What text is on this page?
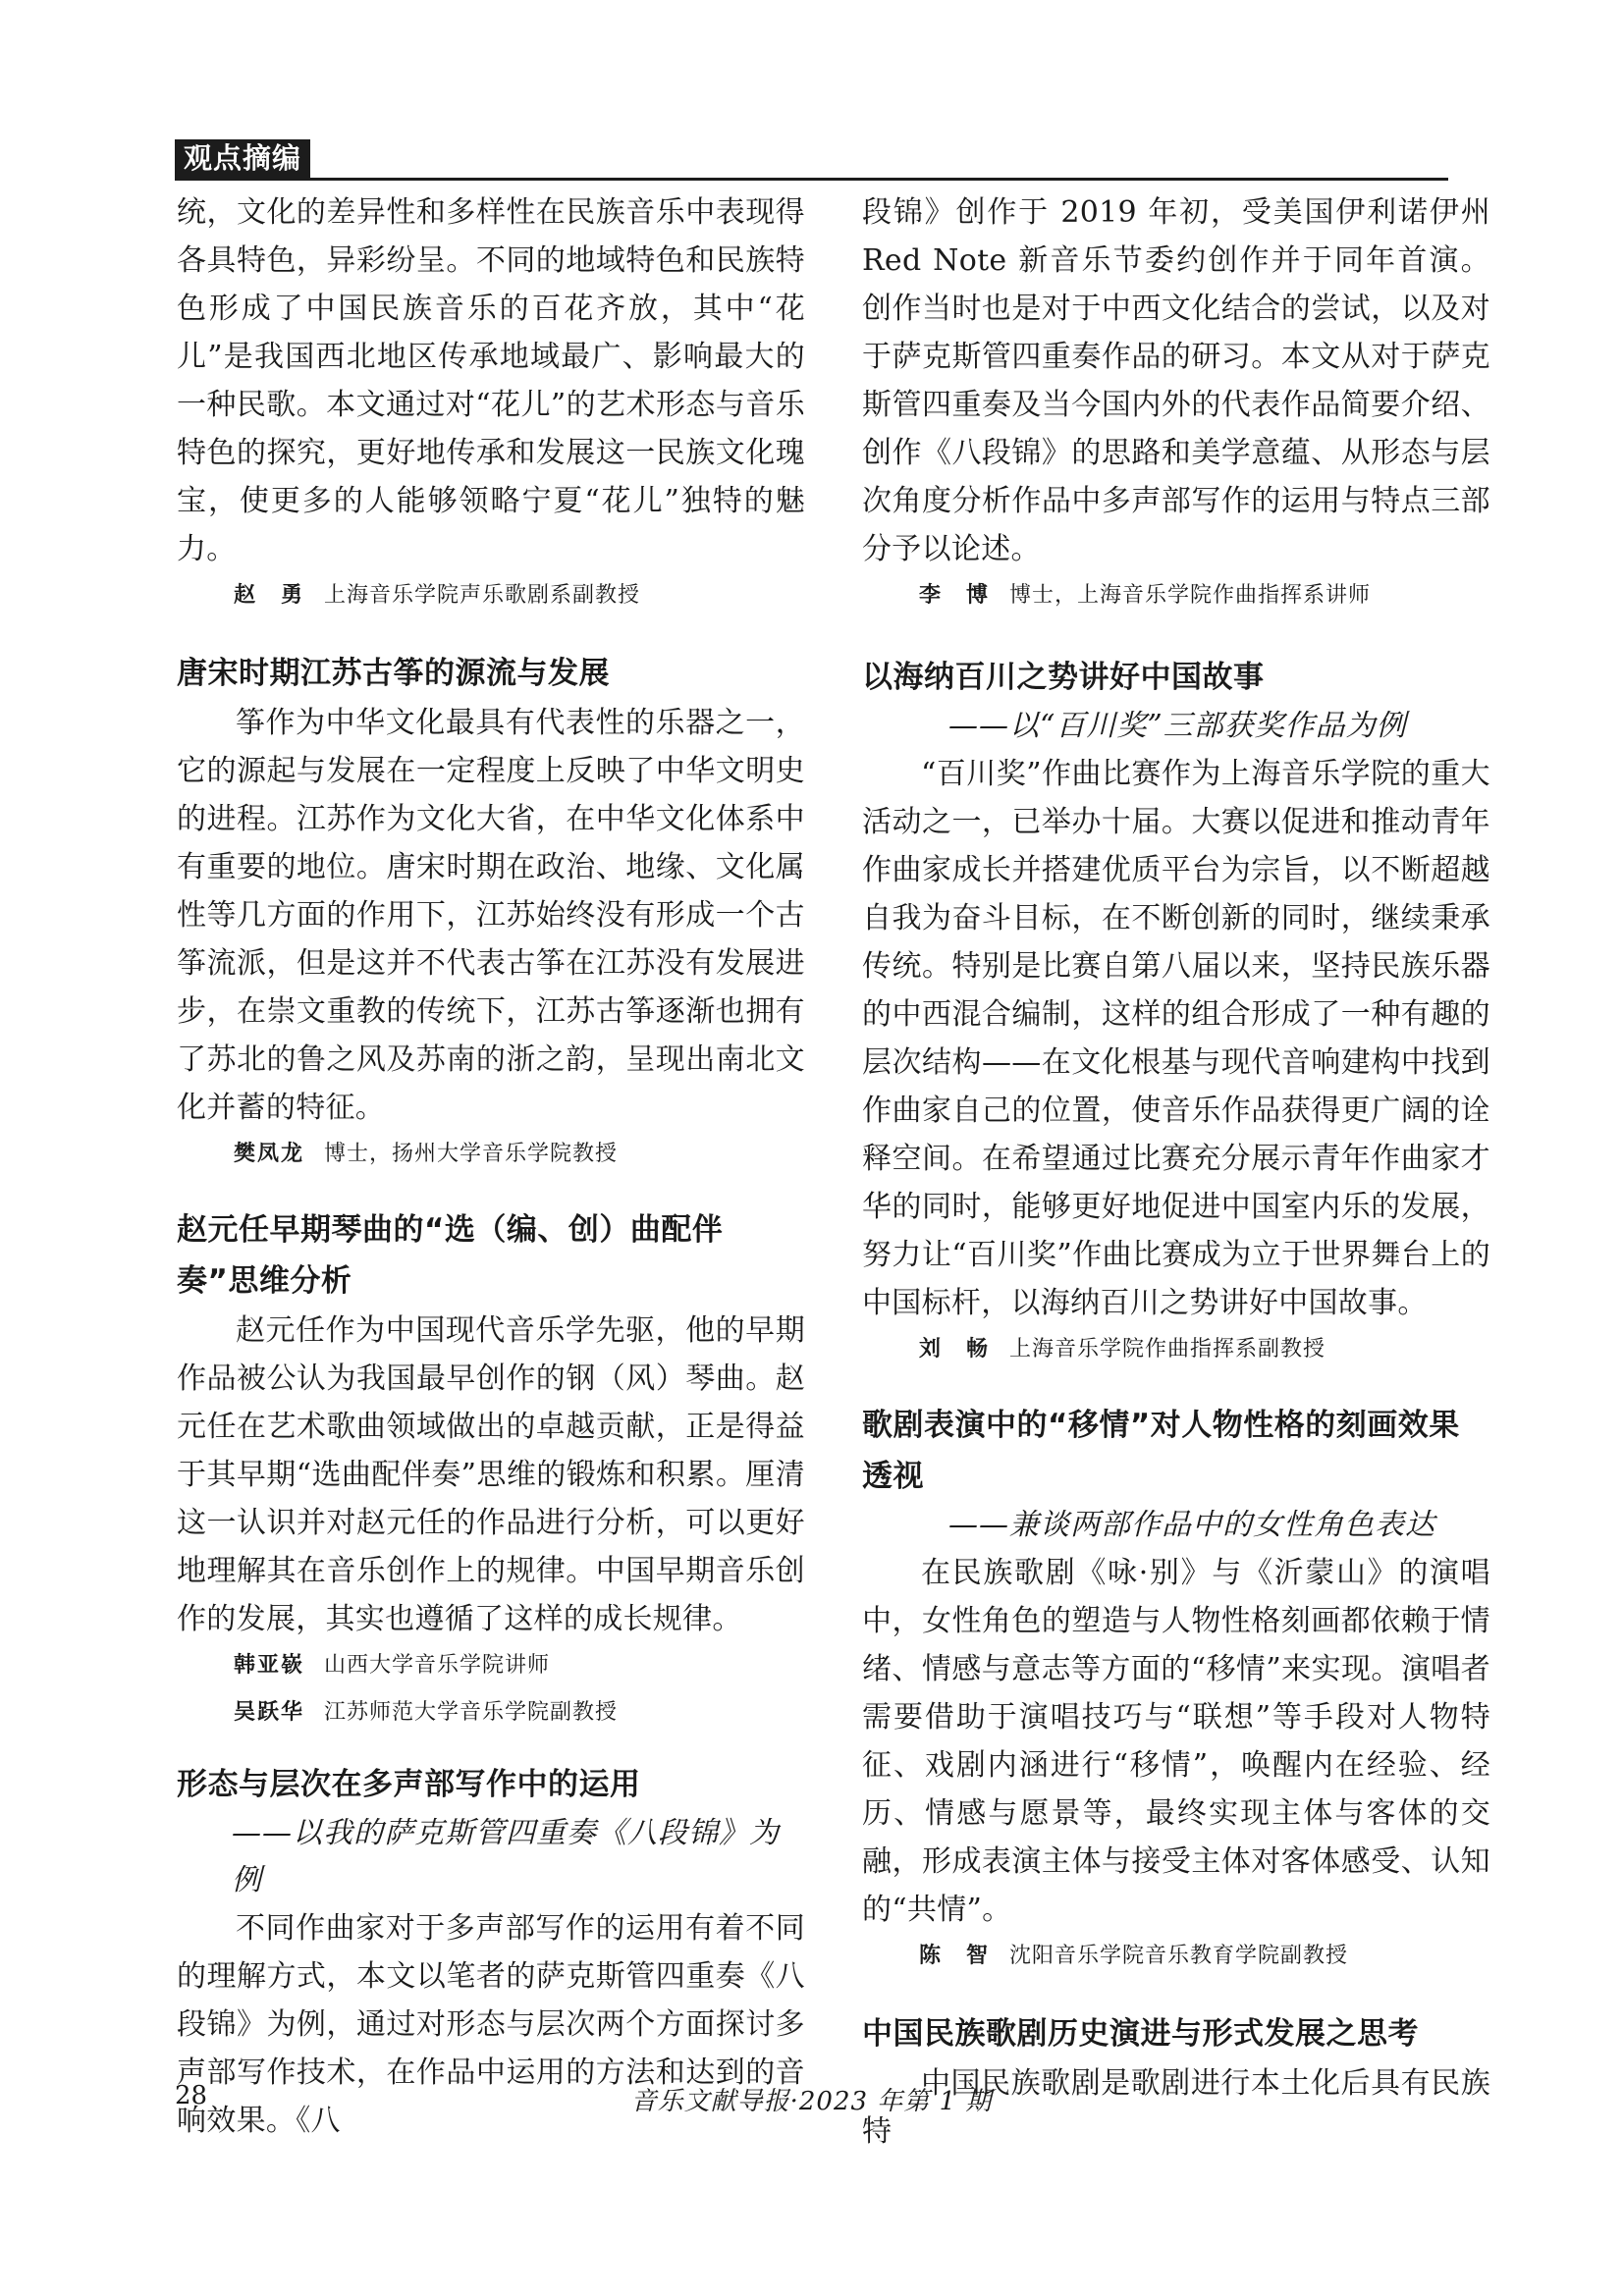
观点摘编

统，文化的差异性和多样性在民族音乐中表现得各具特色，异彩纷呈。不同的地域特色和民族特色形成了中国民族音乐的百花齐放，其中“花儿”是我国西北地区传承地域最广、影响最大的一种民歌。本文通过对“花儿”的艺术形态与音乐特色的探究，更好地传承和发展这一民族文化瑰宝，使更多的人能够领略宁夏“花儿”独特的魅力。

赵　勇 上海音乐学院声乐歌剧系副教授
唐宋时期江苏古筝的源流与发展

筝作为中华文化最具有代表性的乐器之一，它的源起与发展在一定程度上反映了中华文明史的进程。江苏作为文化大省，在中华文化体系中有重要的地位。唐宋时期在政治、地缘、文化属性等几方面的作用下，江苏始终没有形成一个古筝流派，但是这并不代表古筝在江苏没有发展进步，在崇文重教的传统下，江苏古筝逐渐也拥有了苏北的鲁之风及苏南的浙之韵，呈现出南北文化并蓄的特征。

樊凤龙 博士，扬州大学音乐学院教授
赵元任早期琴曲的“选（编、创）曲配伴奏”思维分析

赵元任作为中国现代音乐学先驱，他的早期作品被公认为我国最早创作的钢（风）琴曲。赵元任在艺术歌曲领域做出的卓越贡献，正是得益于其早期“选曲配伴奏”思维的锻炼和积累。厘清这一认识并对赵元任的作品进行分析，可以更好地理解其在音乐创作上的规律。中国早期音乐创作的发展，其实也遵循了这样的成长规律。

韩亚嵚 山西大学音乐学院讲师
吴跃华 江苏师范大学音乐学院副教授
形态与层次在多声部写作中的运用
——以我的萨克斯管四重奏《八段锦》为例

不同作曲家对于多声部写作的运用有着不同的理解方式，本文以笔者的萨克斯管四重奏《八段锦》为例，通过对形态与层次两个方面探讨多声部写作技术，在作品中运用的方法和达到的音响效果。《八

段锦》创作于 2019 年初，受美国伊利诺伊州 Red Note 新音乐节委约创作并于同年首演。创作当时也是对于中西文化结合的尝试，以及对于萨克斯管四重奏作品的研习。本文从对于萨克斯管四重奏及当今国内外的代表作品简要介绍、创作《八段锦》的思路和美学意蕴、从形态与层次角度分析作品中多声部写作的运用与特点三部分予以论述。

李　博 博士，上海音乐学院作曲指挥系讲师
以海纳百川之势讲好中国故事
——以“百川奖”三部获奖作品为例

“百川奖”作曲比赛作为上海音乐学院的重大活动之一，已举办十届。大赛以促进和推动青年作曲家成长并搭建优质平台为宗旨，以不断超越自我为奋斗目标，在不断创新的同时，继续秉承传统。特别是比赛自第八届以来，坚持民族乐器的中西混合编制，这样的组合形成了一种有趣的层次结构——在文化根基与现代音响建构中找到作曲家自己的位置，使音乐作品获得更广阔的诠释空间。在希望通过比赛充分展示青年作曲家才华的同时，能够更好地促进中国室内乐的发展，努力让“百川奖”作曲比赛成为立于世界舞台上的中国标杆，以海纳百川之势讲好中国故事。

刘　畅 上海音乐学院作曲指挥系副教授
歌剧表演中的“移情”对人物性格的刻画效果透视
——兼谈两部作品中的女性角色表达

在民族歌剧《咏·别》与《沂蒙山》的演唱中，女性角色的塑造与人物性格刻画都依赖于情绪、情感与意志等方面的“移情”来实现。演唱者需要借助于演唱技巧与“联想”等手段对人物特征、戏剧内涵进行“移情”，唤醒内在经验、经历、情感与愿景等，最终实现主体与客体的交融，形成表演主体与接受主体对客体感受、认知的“共情”。

陈　智 沈阳音乐学院音乐教育学院副教授
中国民族歌剧历史演进与形式发展之思考

中国民族歌剧是歌剧进行本土化后具有民族特

28	音乐文献导报·2023 年第 1 期
